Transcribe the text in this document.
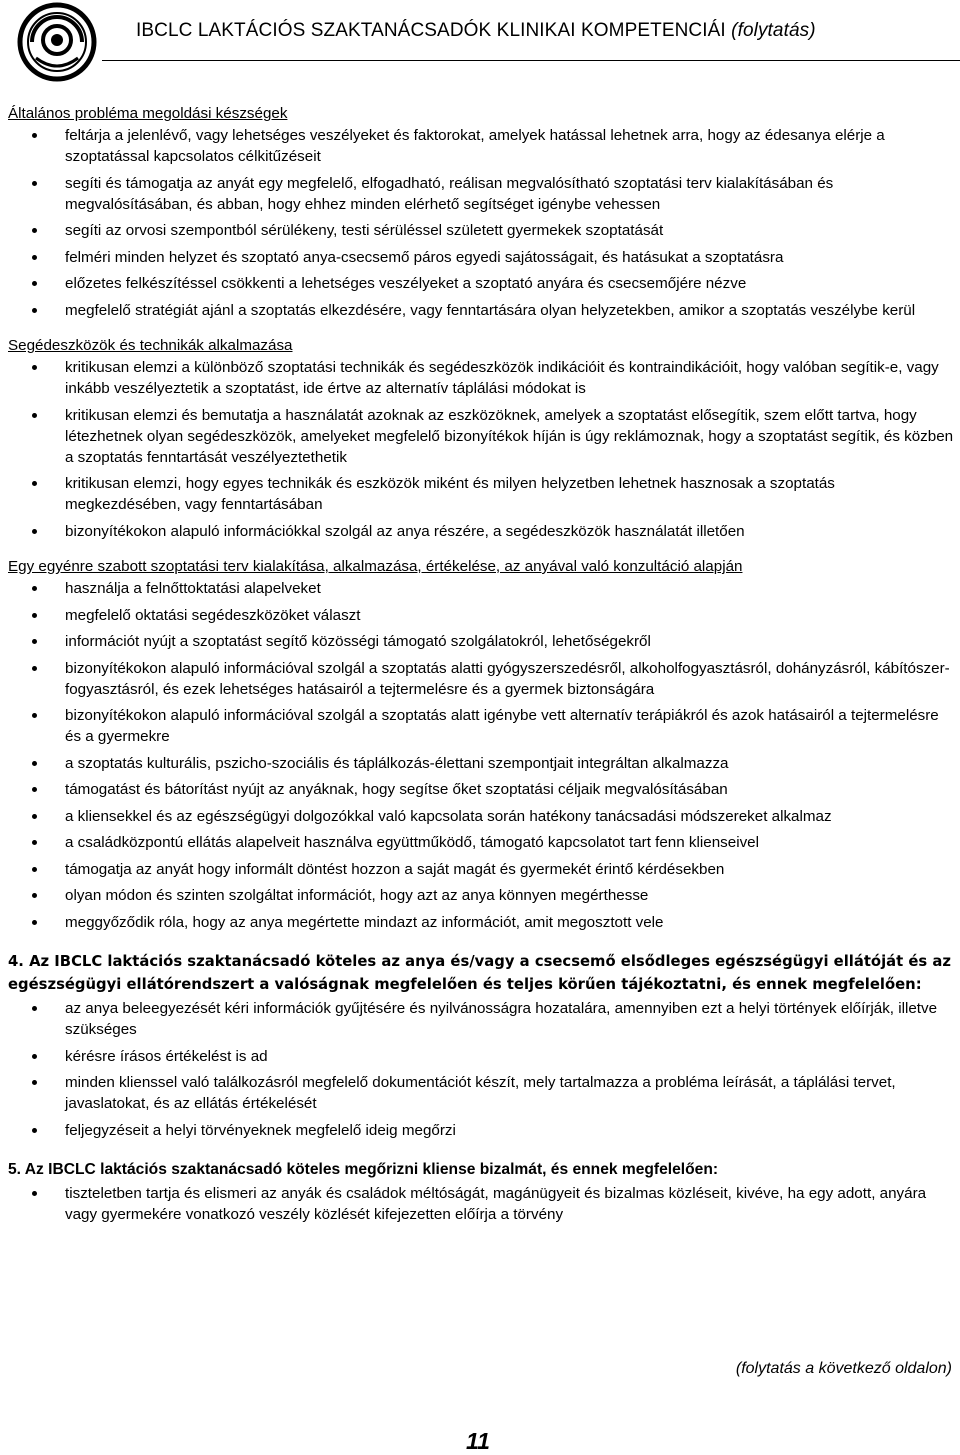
IBCLC LAKTÁCIÓS SZAKTANÁCSADÓK KLINIKAI KOMPETENCIÁI (folytatás)
Általános probléma megoldási készségek
feltárja a jelenlévő, vagy lehetséges veszélyeket és faktorokat, amelyek hatással lehetnek arra, hogy az édesanya elérje a szoptatással kapcsolatos célkitűzéseit
segíti és támogatja az anyát egy megfelelő, elfogadható, reálisan megvalósítható szoptatási terv kialakításában és megvalósításában, és abban, hogy ehhez minden elérhető segítséget igénybe vehessen
segíti az orvosi szempontból sérülékeny, testi sérüléssel született gyermekek szoptatását
felméri minden helyzet és szoptató anya-csecsemő páros egyedi sajátosságait, és hatásukat a szoptatásra
előzetes felkészítéssel csökkenti a lehetséges veszélyeket a szoptató anyára és csecsemőjére nézve
megfelelő stratégiát ajánl a szoptatás elkezdésére, vagy fenntartására olyan helyzetekben, amikor a szoptatás veszélybe kerül
Segédeszközök és technikák alkalmazása
kritikusan elemzi a különböző szoptatási technikák és segédeszközök indikációit és kontraindikációit, hogy valóban segítik-e, vagy inkább veszélyeztetik a szoptatást, ide értve az alternatív táplálási módokat is
kritikusan elemzi és bemutatja a használatát azoknak az eszközöknek, amelyek a szoptatást elősegítik, szem előtt tartva, hogy létezhetnek olyan segédeszközök, amelyeket megfelelő bizonyítékok híján is úgy reklámoznak, hogy a szoptatást segítik, és közben a szoptatás fenntartását veszélyeztethetik
kritikusan elemzi, hogy egyes technikák és eszközök miként és milyen helyzetben lehetnek hasznosak a szoptatás megkezdésében, vagy fenntartásában
bizonyítékokon alapuló információkkal szolgál az anya részére, a segédeszközök használatát illetően
Egy egyénre szabott szoptatási terv kialakítása, alkalmazása, értékelése, az anyával való konzultáció alapján
használja a felnőttoktatási alapelveket
megfelelő oktatási segédeszközöket választ
információt nyújt a szoptatást segítő közösségi támogató szolgálatokról, lehetőségekről
bizonyítékokon alapuló információval szolgál a szoptatás alatti gyógyszerszedésről, alkoholfogyasztásról, dohányzásról, kábítószer-fogyasztásról, és ezek lehetséges hatásairól a tejtermelésre és a gyermek biztonságára
bizonyítékokon alapuló információval szolgál a szoptatás alatt igénybe vett alternatív terápiákról és azok hatásairól a tejtermelésre és a gyermekre
a szoptatás kulturális, pszicho-szociális és táplálkozás-élettani szempontjait integráltan alkalmazza
támogatást és bátorítást nyújt az anyáknak, hogy segítse őket szoptatási céljaik megvalósításában
a kliensekkel és az egészségügyi dolgozókkal való kapcsolata során hatékony tanácsadási módszereket alkalmaz
a családközpontú ellátás alapelveit használva együttműködő, támogató kapcsolatot tart fenn klienseivel
támogatja az anyát hogy informált döntést hozzon a saját magát és gyermekét érintő kérdésekben
olyan módon és szinten szolgáltat információt, hogy azt az anya könnyen megérthesse
meggyőződik róla, hogy az anya megértette mindazt az információt, amit megosztott vele
4. Az IBCLC laktációs szaktanácsadó köteles az anya és/vagy a csecsemő elsődleges egészségügyi ellátóját és az egészségügyi ellátórendszert a valóságnak megfelelően és teljes körűen tájékoztatni, és ennek megfelelően:
az anya beleegyezését kéri információk gyűjtésére és nyilvánosságra hozatalára, amennyiben ezt a helyi törtények előírják, illetve szükséges
kérésre írásos értékelést is ad
minden klienssel való találkozásról megfelelő dokumentációt készít, mely tartalmazza a probléma leírását, a táplálási tervet, javaslatokat, és az ellátás értékelését
feljegyzéseit a helyi törvényeknek megfelelő ideig megőrzi
5. Az IBCLC laktációs szaktanácsadó köteles megőrizni kliense bizalmát, és ennek megfelelően:
tiszteletben tartja és elismeri az anyák és családok méltóságát, magánügyeit és bizalmas közléseit, kivéve, ha egy adott, anyára vagy gyermekére vonatkozó veszély közlését kifejezetten előírja a törvény
(folytatás a következő oldalon)
11
